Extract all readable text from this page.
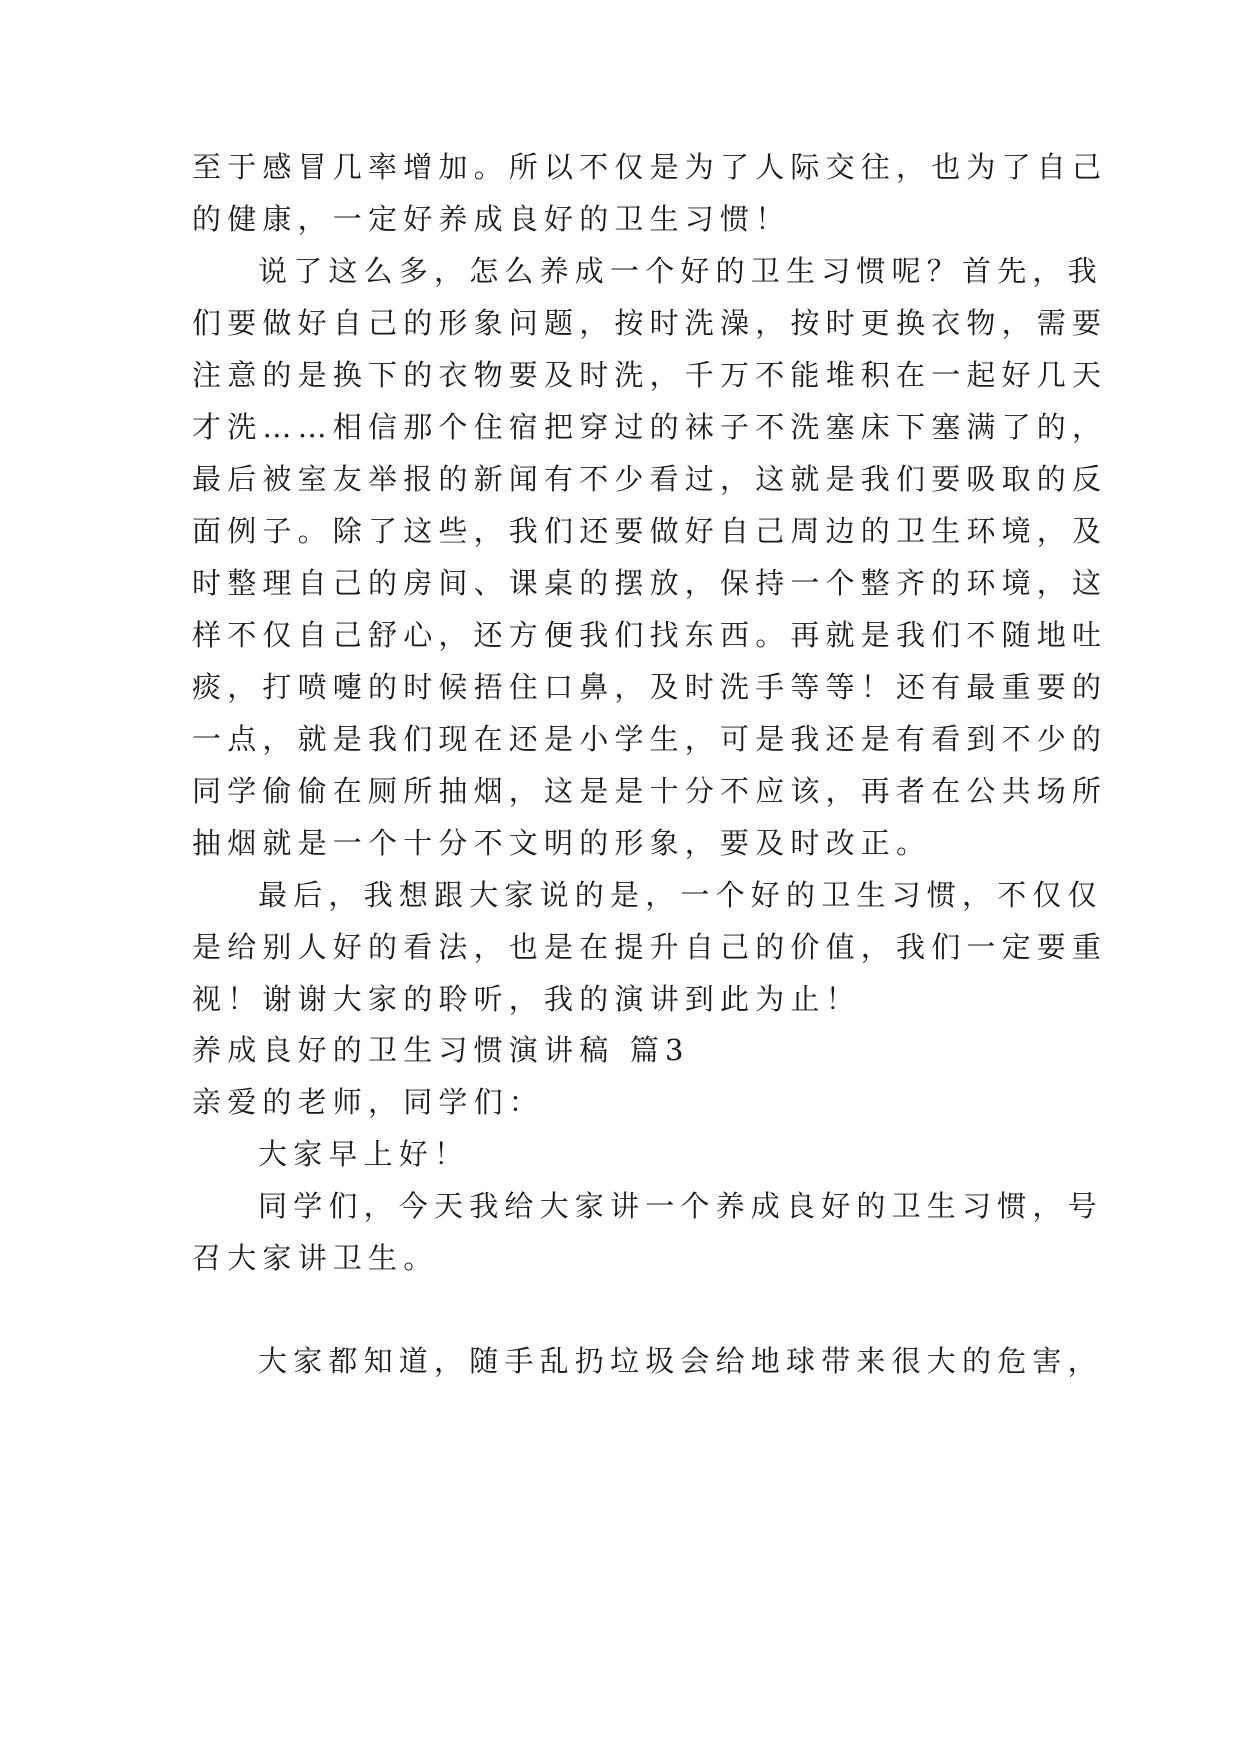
至于感冒几率增加。所以不仅是为了人际交往，也为了自己
的健康，一定好养成良好的卫生习惯！
说了这么多，怎么养成一个好的卫生习惯呢？首先，我
们要做好自己的形象问题，按时洗澡，按时更换衣物，需要
注意的是换下的衣物要及时洗，千万不能堆积在一起好几天
才洗……相信那个住宿把穿过的袜子不洗塞床下塞满了的，
最后被室友举报的新闻有不少看过，这就是我们要吸取的反
面例子。除了这些，我们还要做好自己周边的卫生环境，及
时整理自己的房间、课桌的摆放，保持一个整齐的环境，这
样不仅自己舒心，还方便我们找东西。再就是我们不随地吐
痰，打喷嚏的时候捂住口鼻，及时洗手等等！还有最重要的
一点，就是我们现在还是小学生，可是我还是有看到不少的
同学偷偷在厕所抽烟，这是是十分不应该，再者在公共场所
抽烟就是一个十分不文明的形象，要及时改正。
最后，我想跟大家说的是，一个好的卫生习惯，不仅仅
是给别人好的看法，也是在提升自己的价值，我们一定要重
视！谢谢大家的聆听，我的演讲到此为止！
养成良好的卫生习惯演讲稿 篇3
亲爱的老师，同学们：
大家早上好！
同学们，今天我给大家讲一个养成良好的卫生习惯，号
召大家讲卫生。
大家都知道，随手乱扔垃圾会给地球带来很大的危害，
